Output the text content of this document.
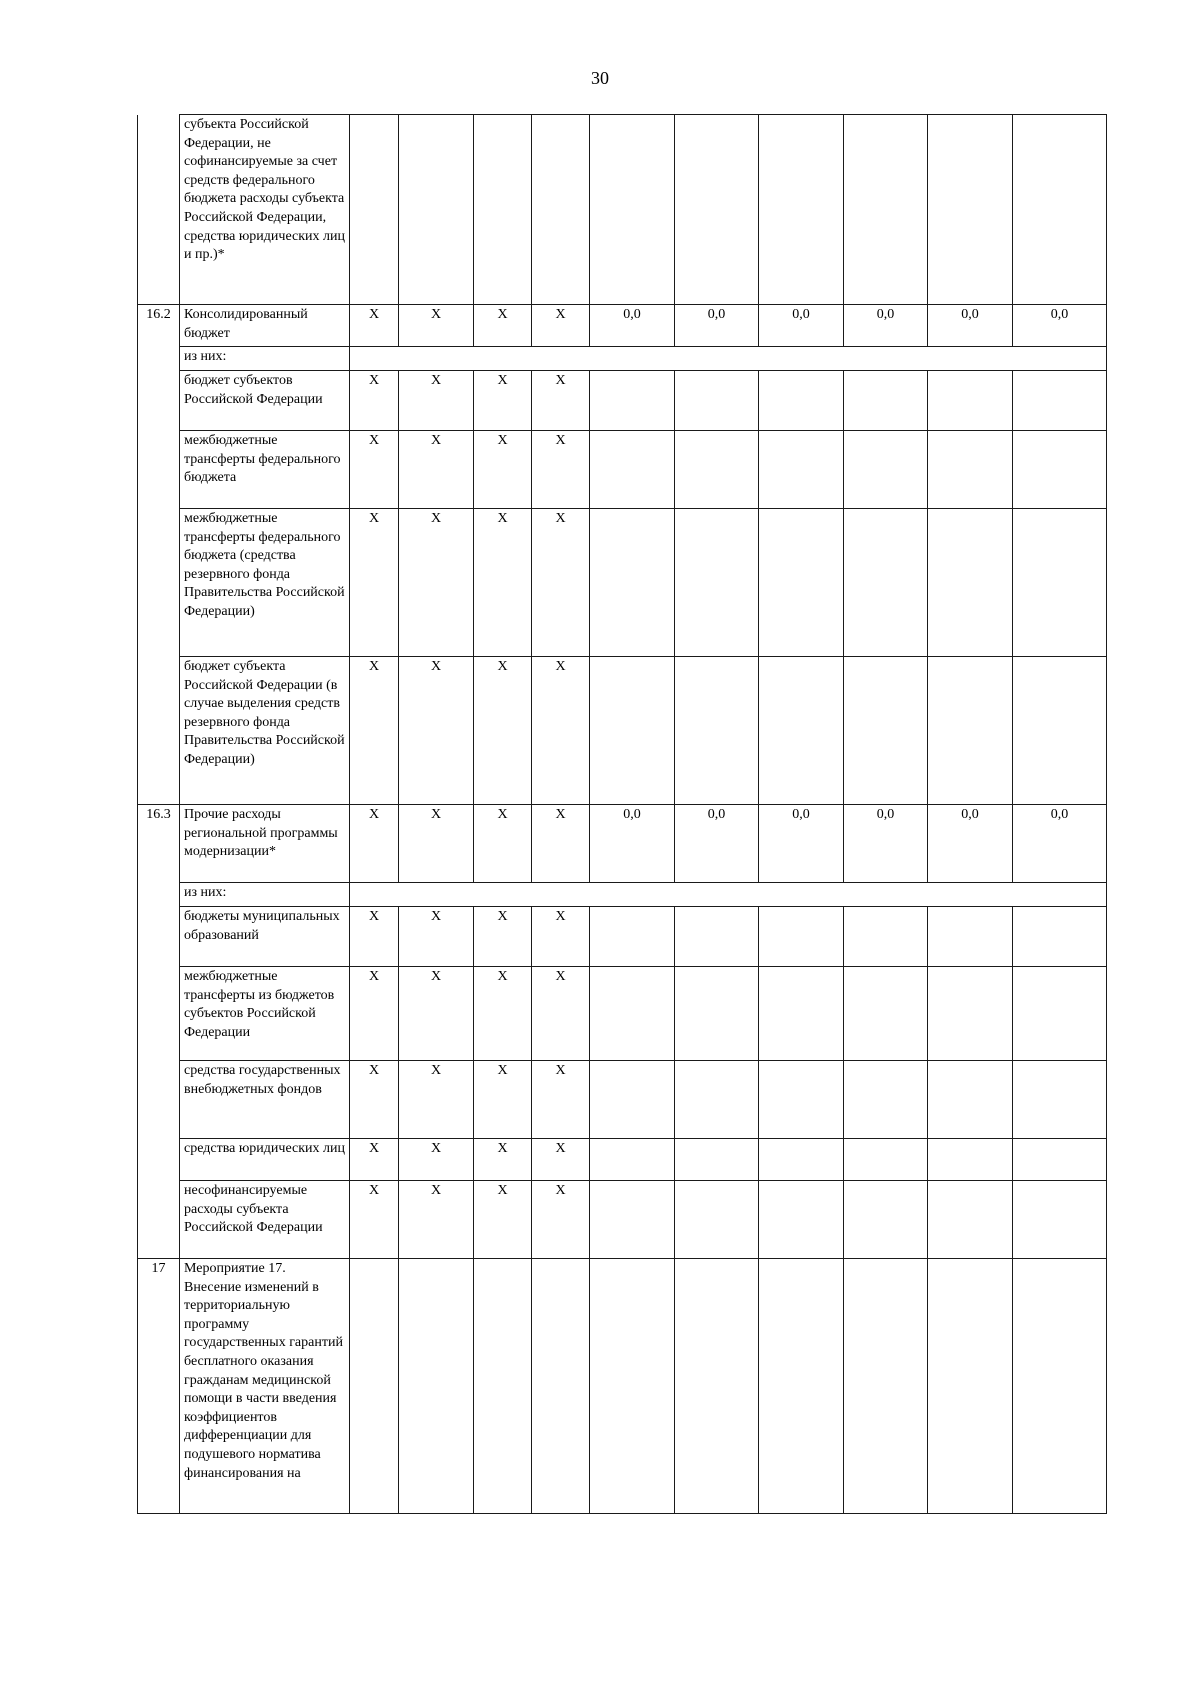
30
	субъекта Российской Федерации, не софинансируемые за счет средств федерального бюджета расходы субъекта Российской Федерации, средства юридических лиц и пр.)*										
16.2	Консолидированный бюджет	X	X	X	X	0,0	0,0	0,0	0,0	0,0	0,0
	из них:										
	бюджет субъектов Российской Федерации	X	X	X	X						
	межбюджетные трансферты федерального бюджета	X	X	X	X						
	межбюджетные трансферты федерального бюджета (средства резервного фонда Правительства Российской Федерации)	X	X	X	X						
	бюджет субъекта Российской Федерации (в случае выделения средств резервного фонда Правительства Российской Федерации)	X	X	X	X						
16.3	Прочие расходы региональной программы модернизации*	X	X	X	X	0,0	0,0	0,0	0,0	0,0	0,0
	из них:										
	бюджеты муниципальных образований	X	X	X	X						
	межбюджетные трансферты из бюджетов субъектов Российской Федерации	X	X	X	X						
	средства государственных внебюджетных фондов	X	X	X	X						
	средства юридических лиц	X	X	X	X						
	несофинансируемые расходы субъекта Российской Федерации	X	X	X	X						
17	Мероприятие 17. Внесение изменений в территориальную программу государственных гарантий бесплатного оказания гражданам медицинской помощи в части введения коэффициентов дифференциации для подушевого норматива финансирования на										
